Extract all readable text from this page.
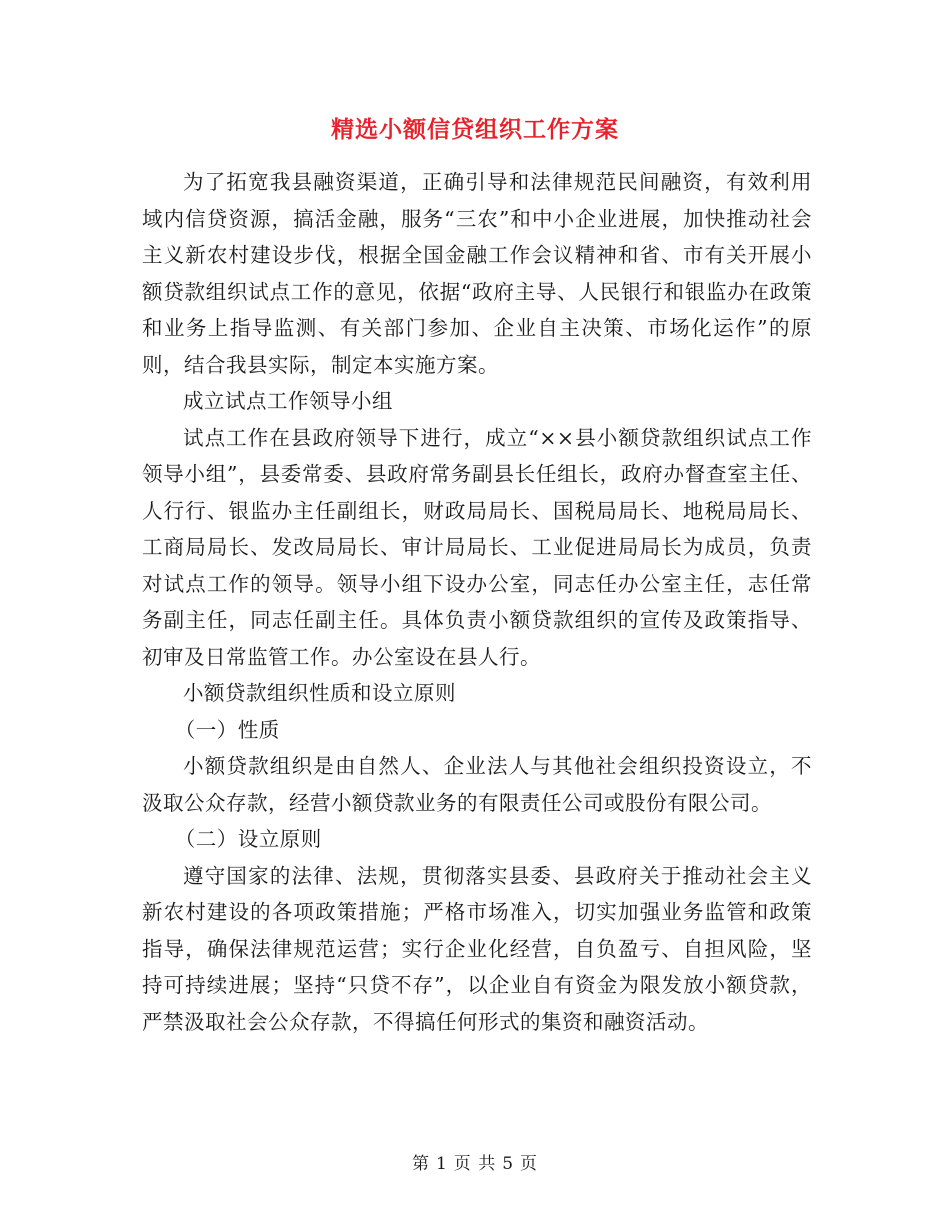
精选小额信贷组织工作方案

为了拓宽我县融资渠道，正确引导和法律规范民间融资，有效利用域内信贷资源，搞活金融，服务“三农”和中小企业进展，加快推动社会主义新农村建设步伐，根据全国金融工作会议精神和省、市有关开展小额贷款组织试点工作的意见，依据“政府主导、人民银行和银监办在政策和业务上指导监测、有关部门参加、企业自主决策、市场化运作”的原则，结合我县实际，制定本实施方案。

成立试点工作领导小组

试点工作在县政府领导下进行，成立“××县小额贷款组织试点工作领导小组”，县委常委、县政府常务副县长任组长，政府办督查室主任、人行行、银监办主任副组长，财政局局长、国税局局长、地税局局长、工商局局长、发改局局长、审计局局长、工业促进局局长为成员，负责对试点工作的领导。领导小组下设办公室，同志任办公室主任，志任常务副主任，同志任副主任。具体负责小额贷款组织的宣传及政策指导、初审及日常监管工作。办公室设在县人行。

小额贷款组织性质和设立原则

（一）性质

小额贷款组织是由自然人、企业法人与其他社会组织投资设立，不汲取公众存款，经营小额贷款业务的有限责任公司或股份有限公司。

（二）设立原则

遵守国家的法律、法规，贯彻落实县委、县政府关于推动社会主义新农村建设的各项政策措施；严格市场准入，切实加强业务监管和政策指导，确保法律规范运营；实行企业化经营，自负盈亏、自担风险，坚持可持续进展；坚持“只贷不存”，以企业自有资金为限发放小额贷款，严禁汲取社会公众存款，不得搞任何形式的集资和融资活动。

第 1 页 共 5 页
